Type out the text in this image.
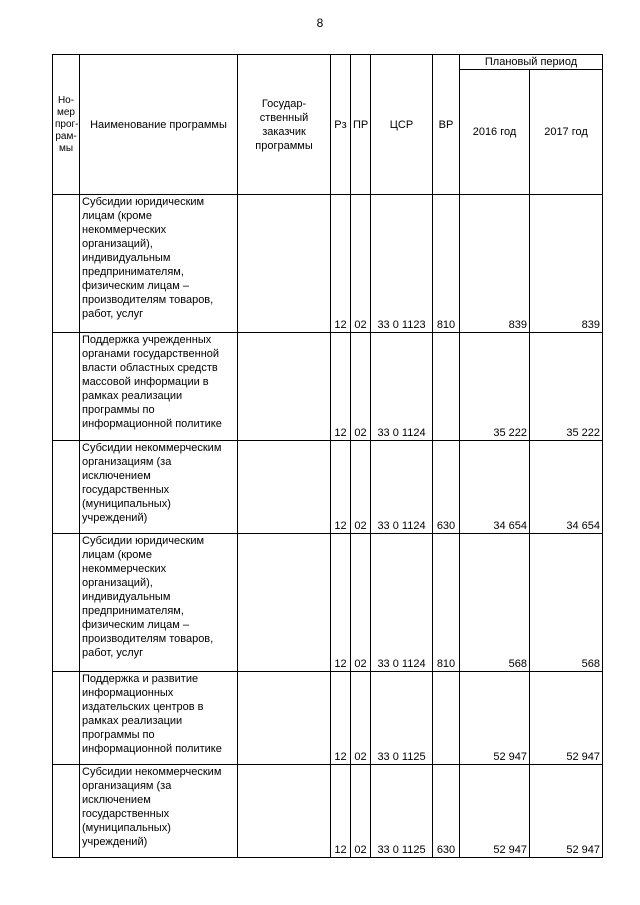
8
Но-
мер
прог-
рам-
мы	Наименование программы	Государ-
ственный
заказчик
программы	Рз	ПР	ЦСР	ВР	Плановый период	
							2016 год	2017 год
	Субсидии юридическим лицам (кроме некоммерческих организаций), индивидуальным предпринимателям, физическим лицам – производителям товаров, работ, услуг		12	02	33 0 1123	810	839	839
	Поддержка учрежденных органами государственной власти областных средств массовой информации в рамках реализации программы по информационной политике		12	02	33 0 1124		35 222	35 222
	Субсидии некоммерческим организациям (за исключением государственных (муниципальных) учреждений)		12	02	33 0 1124	630	34 654	34 654
	Субсидии юридическим лицам (кроме некоммерческих организаций), индивидуальным предпринимателям, физическим лицам – производителям товаров, работ, услуг		12	02	33 0 1124	810	568	568
	Поддержка и развитие информационных издательских центров в рамках реализации программы по информационной политике		12	02	33 0 1125		52 947	52 947
	Субсидии некоммерческим организациям (за исключением государственных (муниципальных) учреждений)		12	02	33 0 1125	630	52 947	52 947
